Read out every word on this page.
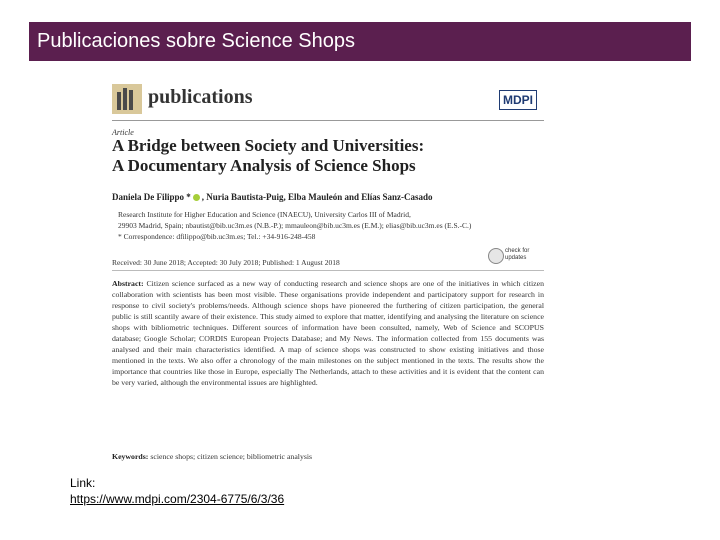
Publicaciones sobre Science Shops
publications	MDPI
Article
A Bridge between Society and Universities:
A Documentary Analysis of Science Shops
Daniela De Filippo * , Nuria Bautista-Puig, Elba Mauleón and Elías Sanz-Casado
Research Institute for Higher Education and Science (INAECU), University Carlos III of Madrid,
29903 Madrid, Spain; nbautist@bib.uc3m.es (N.B.-P.); mmauleon@bib.uc3m.es (E.M.); elias@bib.uc3m.es (E.S.-C.)
* Correspondence: dfilippo@bib.uc3m.es; Tel.: +34-916-248-458
check for
updates
Received: 30 June 2018; Accepted: 30 July 2018; Published: 1 August 2018
Abstract: Citizen science surfaced as a new way of conducting research and science shops are one of the initiatives in which citizen collaboration with scientists has been most visible. These organisations provide independent and participatory support for research in response to civil society's problems/needs. Although science shops have pioneered the furthering of citizen participation, the general public is still scantily aware of their existence. This study aimed to explore that matter, identifying and analysing the literature on science shops with bibliometric techniques. Different sources of information have been consulted, namely, Web of Science and SCOPUS database; Google Scholar; CORDIS European Projects Database; and My News. The information collected from 155 documents was analysed and their main characteristics identified. A map of science shops was constructed to show existing initiatives and those mentioned in the texts. We also offer a chronology of the main milestones on the subject mentioned in the texts. The results show the importance that countries like those in Europe, especially The Netherlands, attach to these activities and it is evident that the content can be very varied, although the environmental issues are highlighted.
Keywords: science shops; citizen science; bibliometric analysis
Link:
https://www.mdpi.com/2304-6775/6/3/36
